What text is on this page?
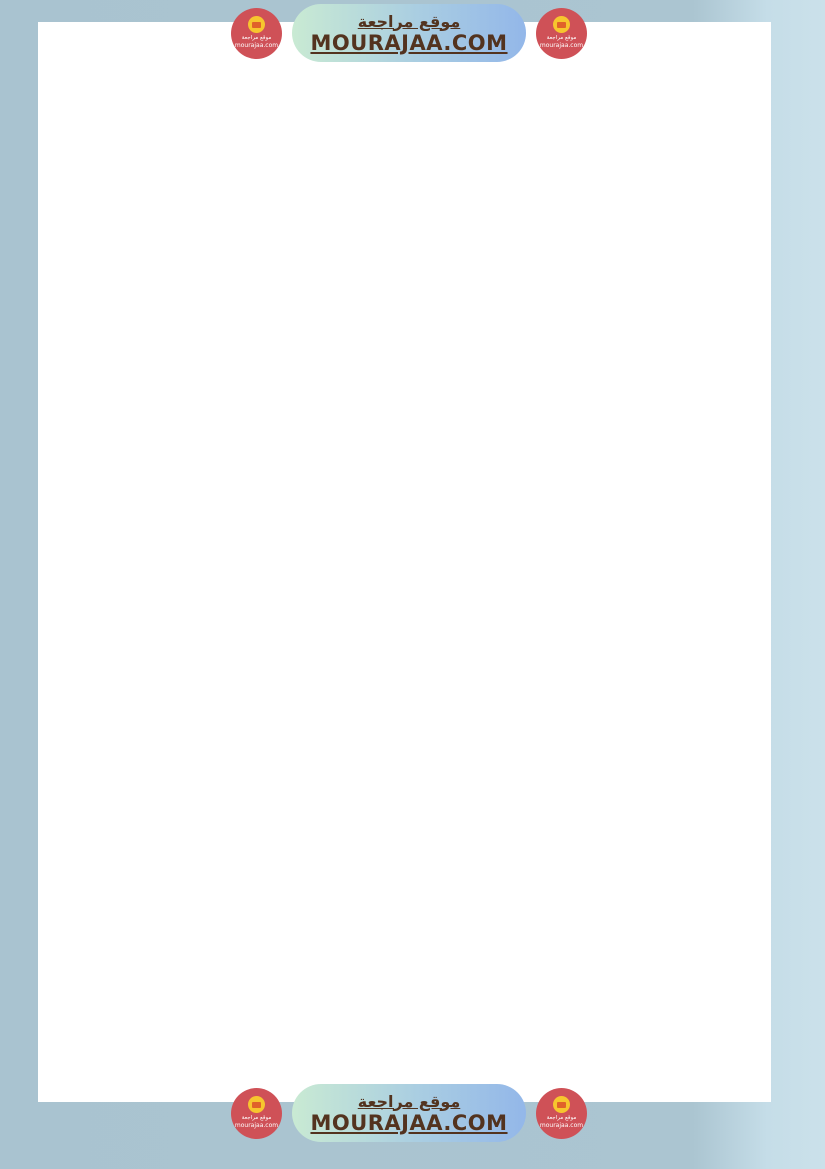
موقع مراجعة
mourajaa.com
موقع مراجعة
MOURAJAA.COM	موقع مراجعة
mourajaa.com
موقع مراجعة
mourajaa.com
موقع مراجعة
MOURAJAA.COM	موقع مراجعة
mourajaa.com
